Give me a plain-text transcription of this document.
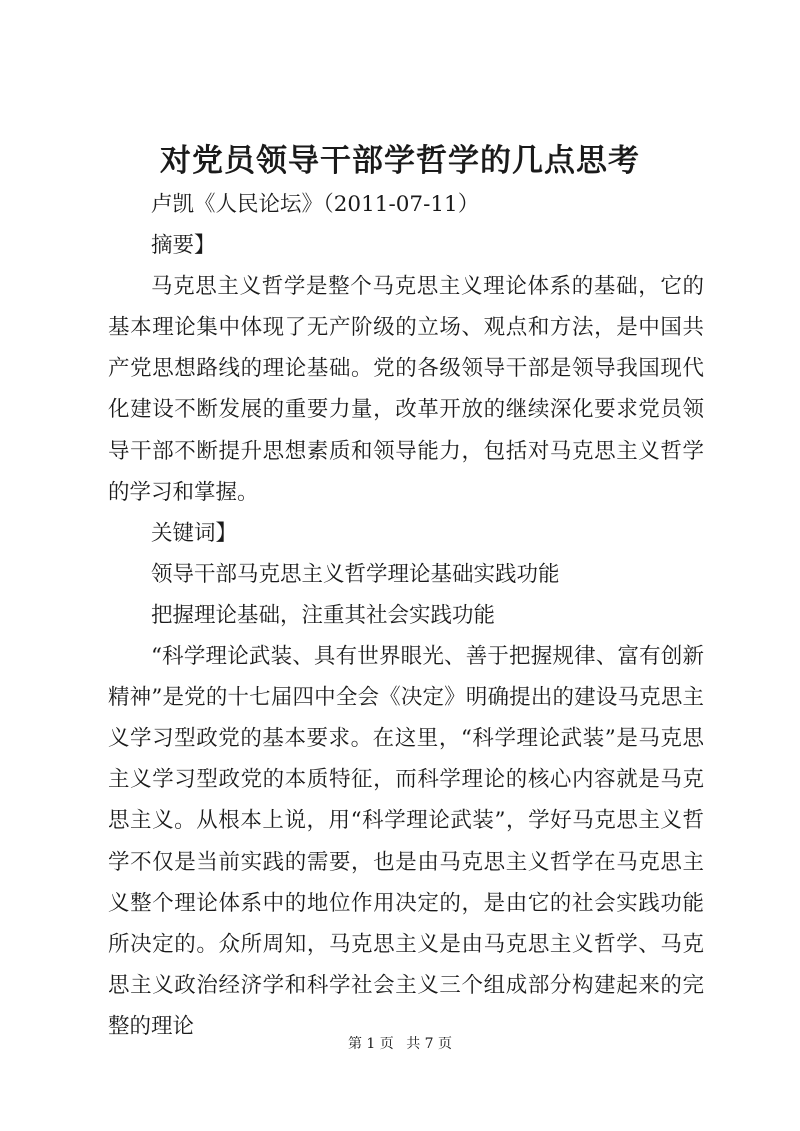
对党员领导干部学哲学的几点思考
卢凯《人民论坛》（2011-07-11）
摘要】

马克思主义哲学是整个马克思主义理论体系的基础，它的基本理论集中体现了无产阶级的立场、观点和方法，是中国共产党思想路线的理论基础。党的各级领导干部是领导我国现代化建设不断发展的重要力量，改革开放的继续深化要求党员领导干部不断提升思想素质和领导能力，包括对马克思主义哲学的学习和掌握。

关键词】
领导干部马克思主义哲学理论基础实践功能
把握理论基础，注重其社会实践功能

“科学理论武装、具有世界眼光、善于把握规律、富有创新精神”是党的十七届四中全会《决定》明确提出的建设马克思主义学习型政党的基本要求。在这里，“科学理论武装”是马克思主义学习型政党的本质特征，而科学理论的核心内容就是马克思主义。从根本上说，用“科学理论武装”，学好马克思主义哲学不仅是当前实践的需要，也是由马克思主义哲学在马克思主义整个理论体系中的地位作用决定的，是由它的社会实践功能所决定的。众所周知，马克思主义是由马克思主义哲学、马克思主义政治经济学和科学社会主义三个组成部分构建起来的完整的理论

第 1 页 共 7 页
